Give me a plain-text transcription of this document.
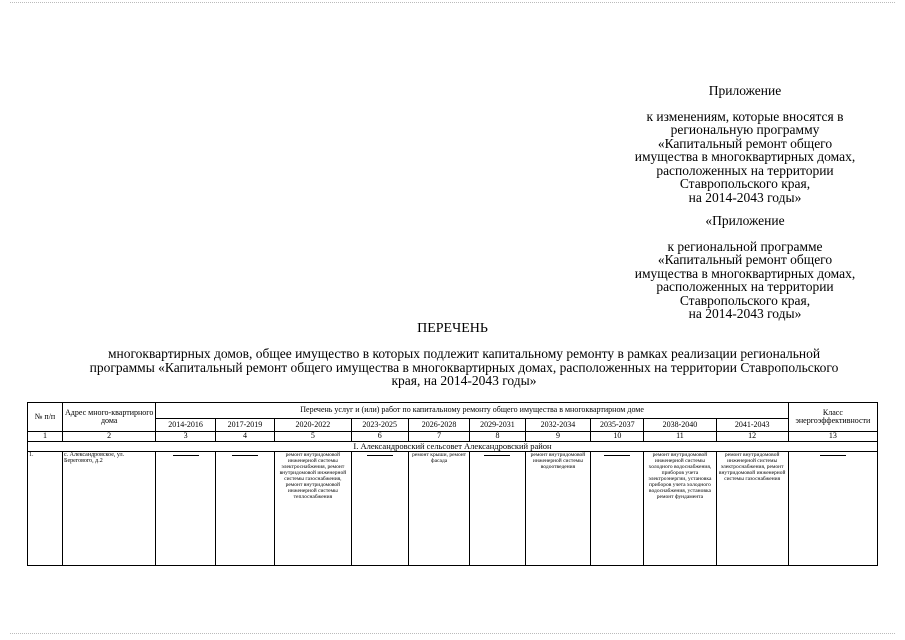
Приложение
к изменениям, которые вносятся в
региональную программу
«Капитальный ремонт общего
имущества в многоквартирных домах,
расположенных на территории
Ставропольского края,
на 2014-2043 годы»
«Приложение
к региональной программе
«Капитальный ремонт общего
имущества в многоквартирных домах,
расположенных на территории
Ставропольского края,
на 2014-2043 годы»
ПЕРЕЧЕНЬ
многоквартирных домов, общее имущество в которых подлежит капитальному ремонту в рамках реализации региональной
программы «Капитальный ремонт общего имущества в многоквартирных домах, расположенных на территории Ставропольского
края, на 2014-2043 годы»
№ п/п	Адрес много-квартирного дома	Перечень услуг и (или) работ по капитальному ремонту общего имущества в многоквартирном доме										Класс энергоэффективности
		2014-2016	2017-2019	2020-2022	2023-2025	2026-2028	2029-2031	2032-2034	2035-2037	2038-2040	2041-2043	
1	2	3	4	5	6	7	8	9	10	11	12	13
I. Александровский сельсовет Александровский район												
1.	с. Александровское, ул. Берегового, д.2			ремонт внутридомовой инженерной системы электроснабжения, ремонт внутридомовой инженерной системы газоснабжения, ремонт внутридомовой инженерной системы теплоснабжения		ремонт крыши, ремонт фасада		ремонт внутридомовой инженерной системы водоотведения		ремонт внутридомовой инженерной системы холодного водоснабжения, приборов учета электроэнергии, установка приборов учета холодного водоснабжения, установка ремонт фундамента	ремонт внутридомовой инженерной системы электроснабжения, ремонт внутридомовой инженерной системы газоснабжения	
